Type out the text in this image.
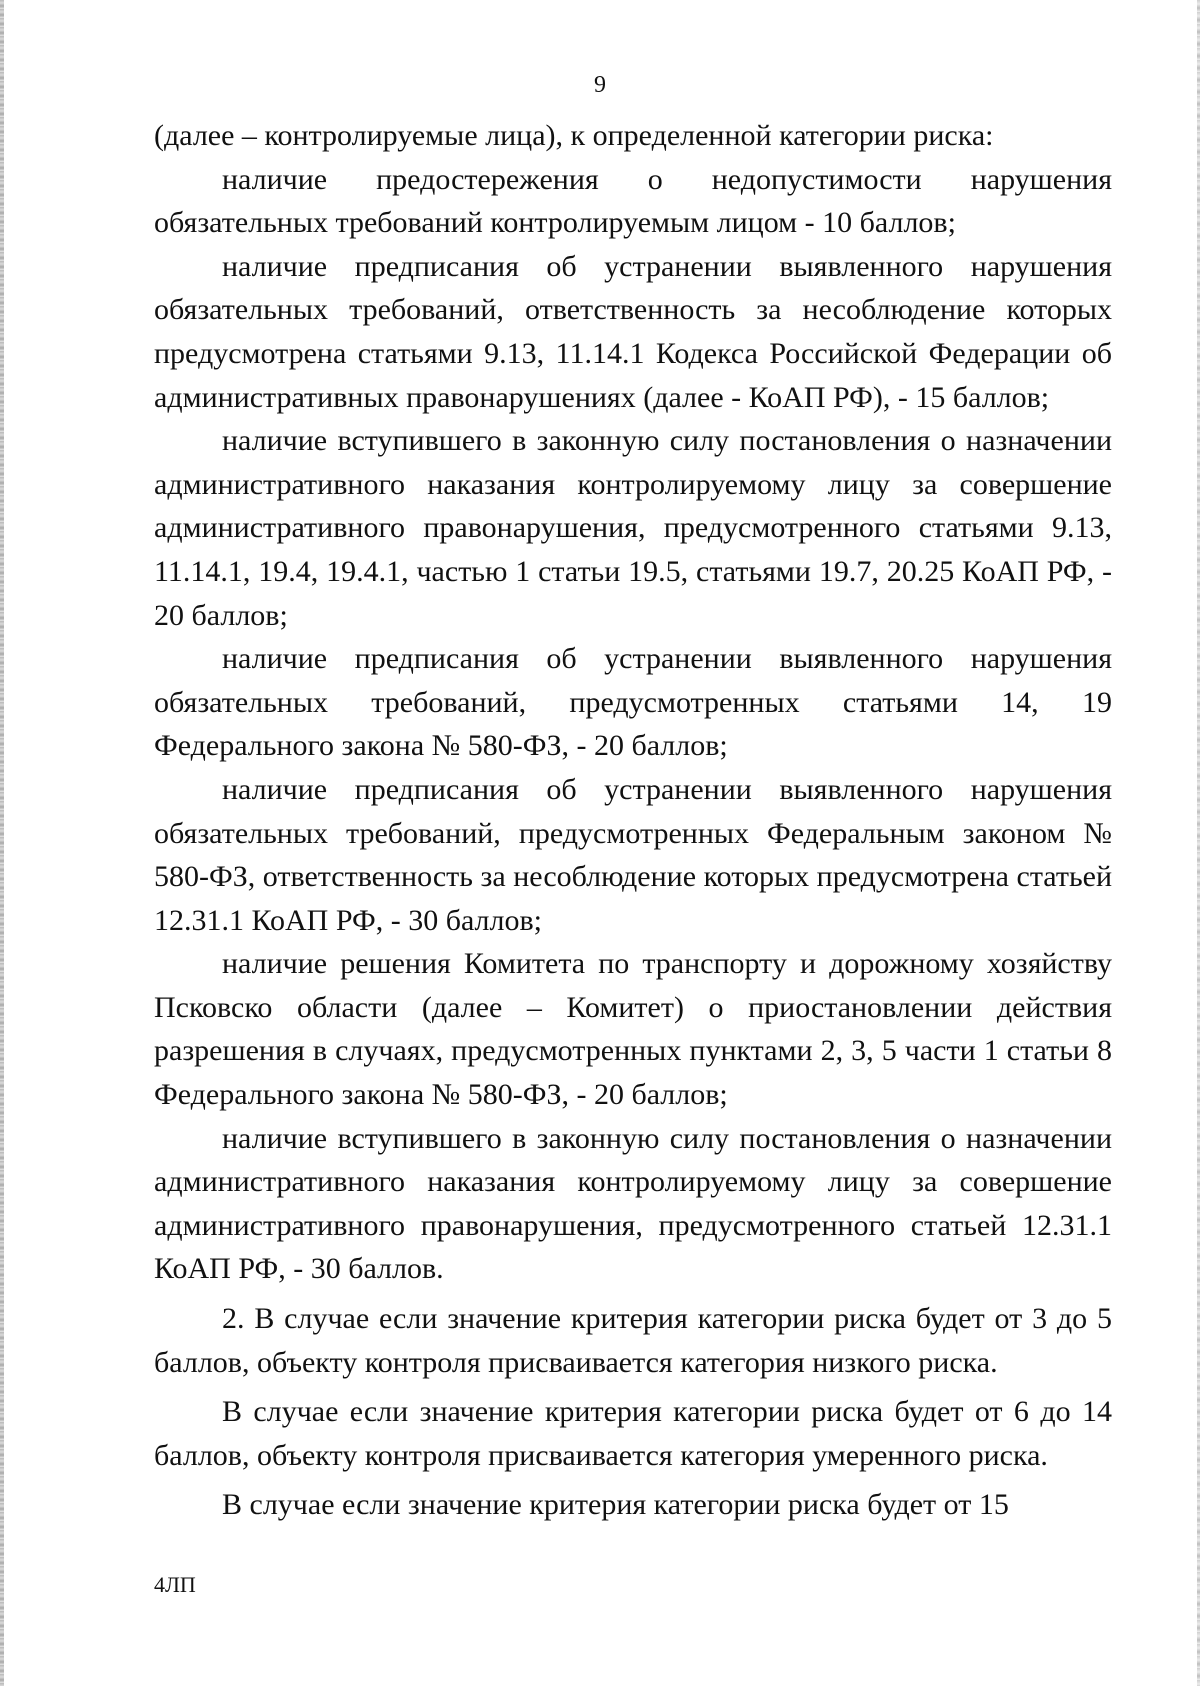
9

(далее – контролируемые лица), к определенной категории риска:

наличие предостережения о недопустимости нарушения обязательных требований контролируемым лицом - 10 баллов;

наличие предписания об устранении выявленного нарушения обязательных требований, ответственность за несоблюдение которых предусмотрена статьями 9.13, 11.14.1 Кодекса Российской Федерации об административных правонарушениях (далее - КоАП РФ), - 15 баллов;

наличие вступившего в законную силу постановления о назначении административного наказания контролируемому лицу за совершение административного правонарушения, предусмотренного статьями 9.13, 11.14.1, 19.4, 19.4.1, частью 1 статьи 19.5, статьями 19.7, 20.25 КоАП РФ, - 20 баллов;

наличие предписания об устранении выявленного нарушения обязательных требований, предусмотренных статьями 14, 19 Федерального закона № 580-ФЗ, - 20 баллов;

наличие предписания об устранении выявленного нарушения обязательных требований, предусмотренных Федеральным законом № 580-ФЗ, ответственность за несоблюдение которых предусмотрена статьей 12.31.1 КоАП РФ, - 30 баллов;

наличие решения Комитета по транспорту и дорожному хозяйству Псковско области (далее – Комитет) о приостановлении действия разрешения в случаях, предусмотренных пунктами 2, 3, 5 части 1 статьи 8 Федерального закона № 580-ФЗ, - 20 баллов;

наличие вступившего в законную силу постановления о назначении административного наказания контролируемому лицу за совершение административного правонарушения, предусмотренного статьей 12.31.1 КоАП РФ, - 30 баллов.

2. В случае если значение критерия категории риска будет от 3 до 5 баллов, объекту контроля присваивается категория низкого риска.

В случае если значение критерия категории риска будет от 6 до 14 баллов, объекту контроля присваивается категория умеренного риска.

В случае если значение критерия категории риска будет от 15

4ЛП
